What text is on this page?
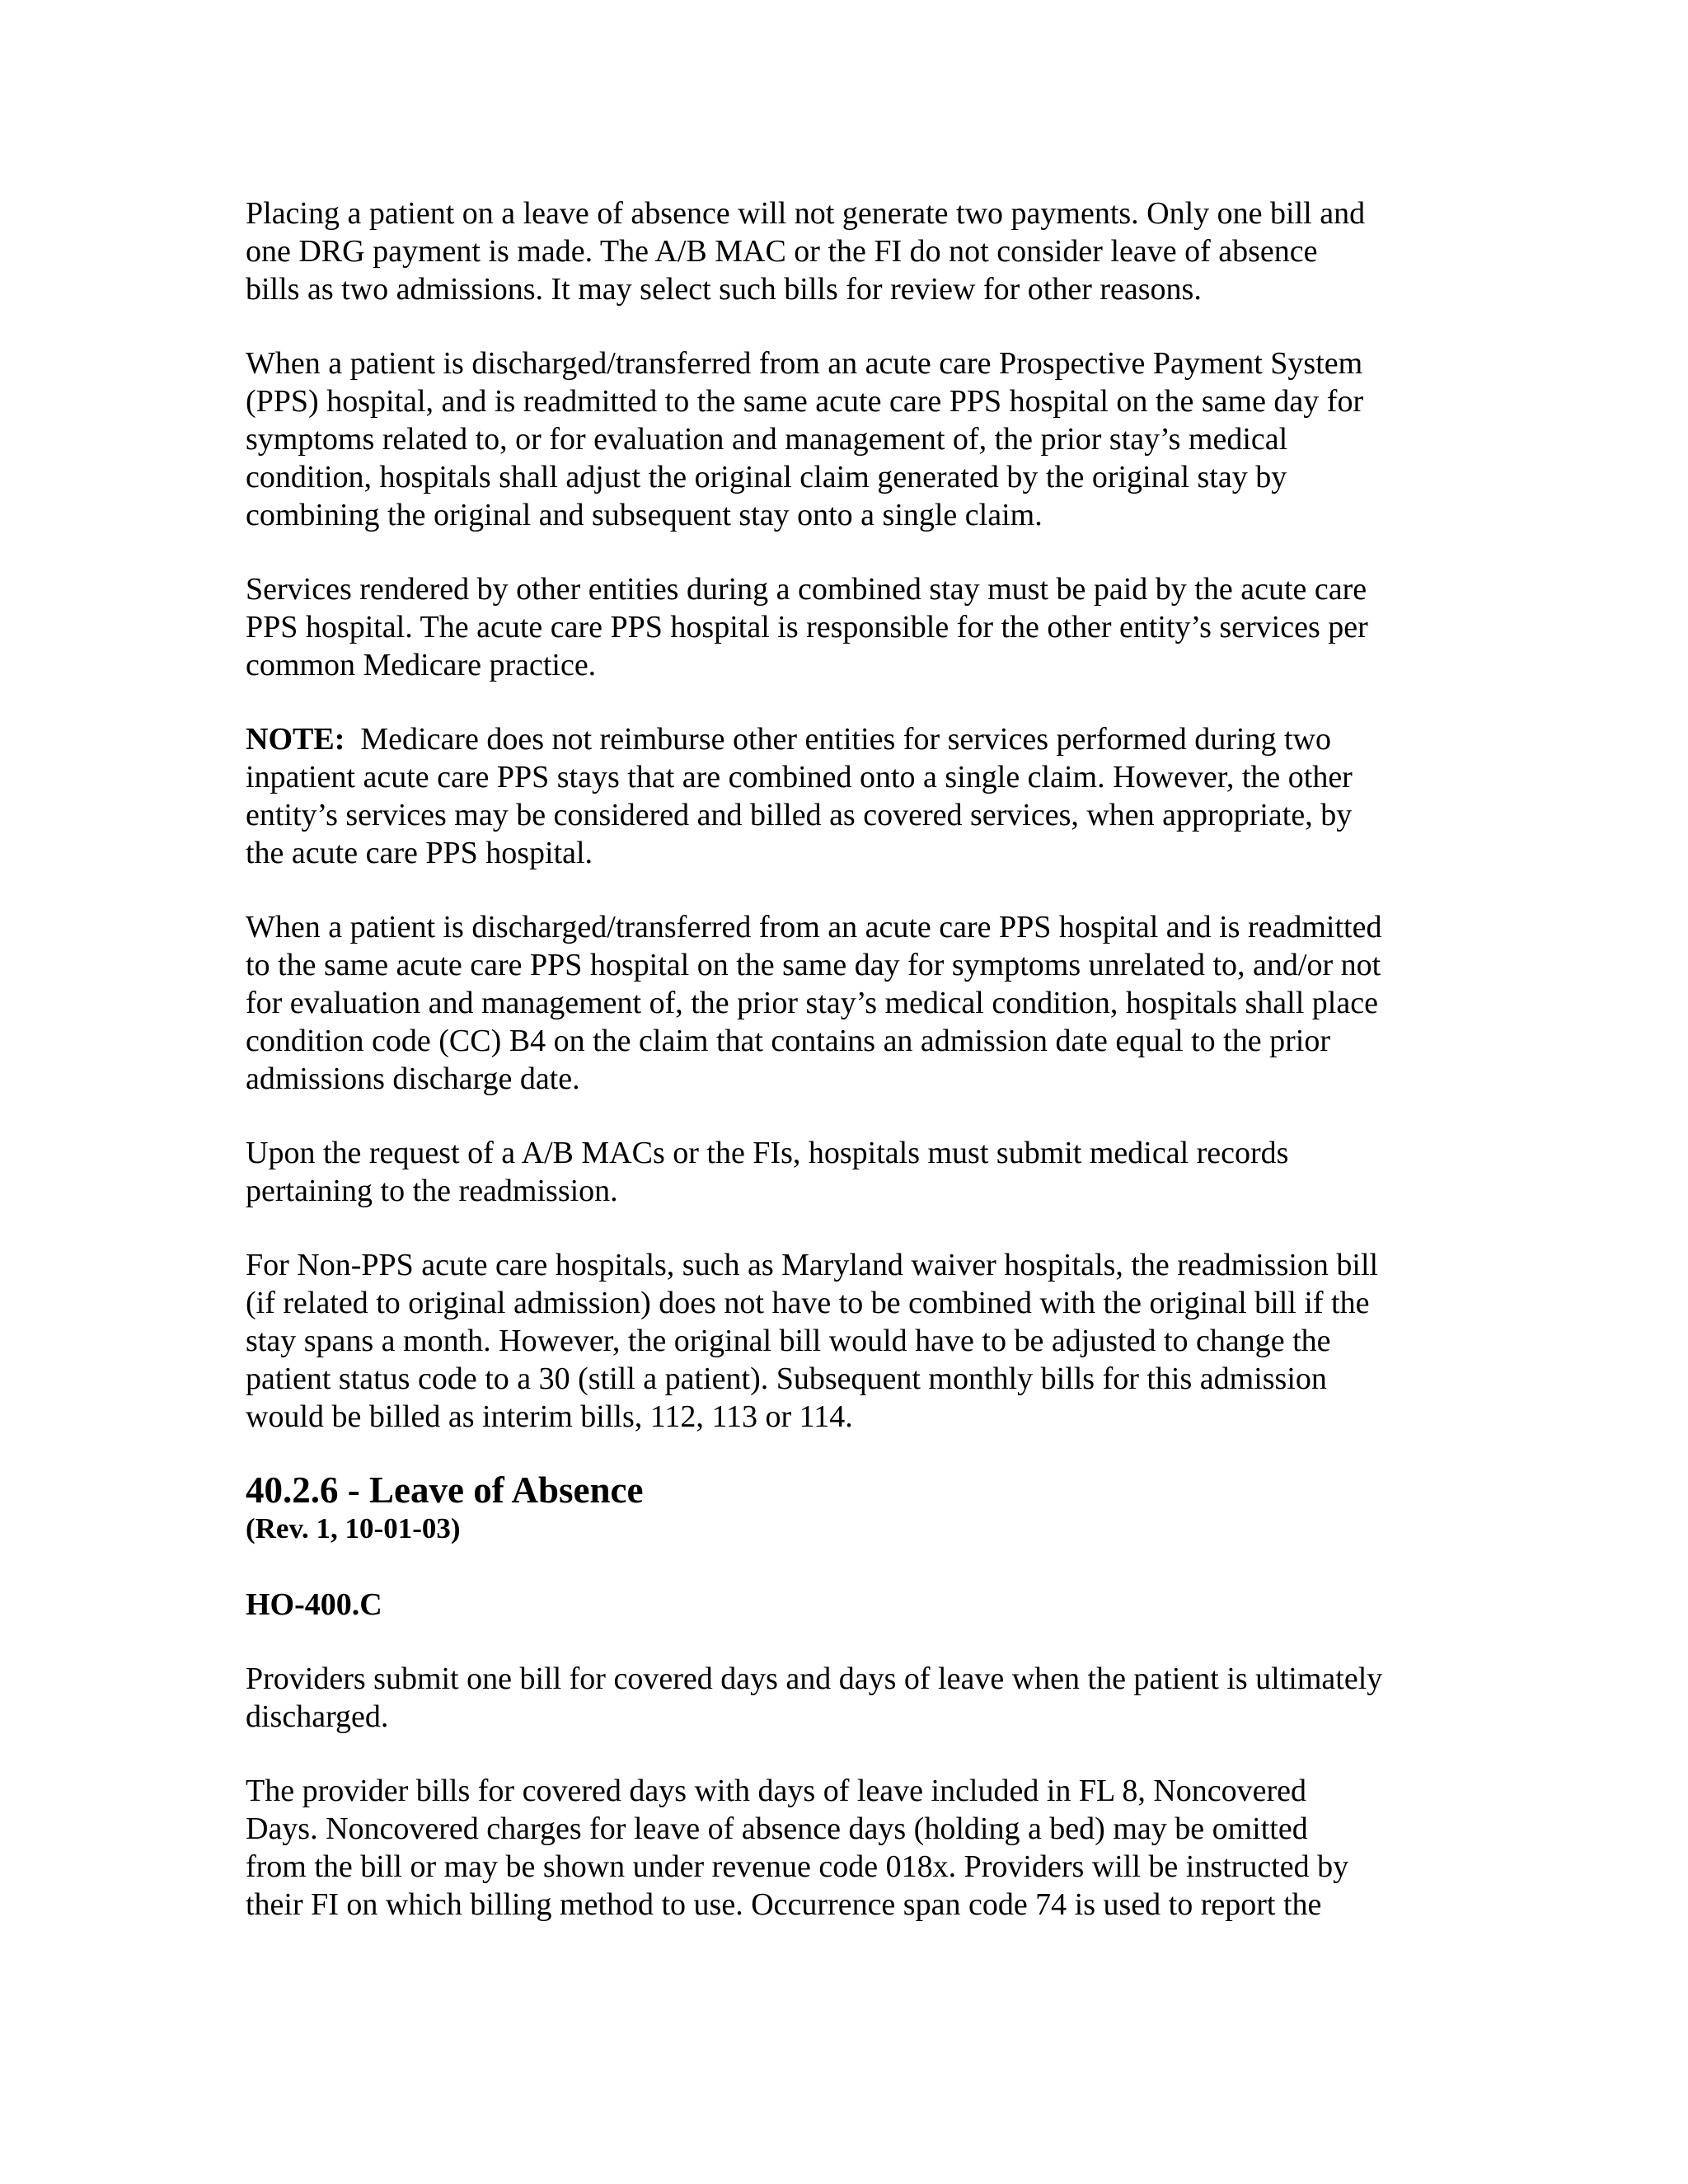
Placing a patient on a leave of absence will not generate two payments. Only one bill and
one DRG payment is made. The A/B MAC or the FI do not consider leave of absence
bills as two admissions. It may select such bills for review for other reasons.

When a patient is discharged/transferred from an acute care Prospective Payment System
(PPS) hospital, and is readmitted to the same acute care PPS hospital on the same day for
symptoms related to, or for evaluation and management of, the prior stay’s medical
condition, hospitals shall adjust the original claim generated by the original stay by
combining the original and subsequent stay onto a single claim.

Services rendered by other entities during a combined stay must be paid by the acute care
PPS hospital. The acute care PPS hospital is responsible for the other entity’s services per
common Medicare practice.

NOTE:  Medicare does not reimburse other entities for services performed during two
inpatient acute care PPS stays that are combined onto a single claim. However, the other
entity’s services may be considered and billed as covered services, when appropriate, by
the acute care PPS hospital.

When a patient is discharged/transferred from an acute care PPS hospital and is readmitted
to the same acute care PPS hospital on the same day for symptoms unrelated to, and/or not
for evaluation and management of, the prior stay’s medical condition, hospitals shall place
condition code (CC) B4 on the claim that contains an admission date equal to the prior
admissions discharge date.

Upon the request of a A/B MACs or the FIs, hospitals must submit medical records
pertaining to the readmission.

For Non-PPS acute care hospitals, such as Maryland waiver hospitals, the readmission bill
(if related to original admission) does not have to be combined with the original bill if the
stay spans a month. However, the original bill would have to be adjusted to change the
patient status code to a 30 (still a patient). Subsequent monthly bills for this admission
would be billed as interim bills, 112, 113 or 114.

40.2.6 - Leave of Absence

(Rev. 1, 10-01-03)

HO-400.C

Providers submit one bill for covered days and days of leave when the patient is ultimately
discharged.

The provider bills for covered days with days of leave included in FL 8, Noncovered
Days. Noncovered charges for leave of absence days (holding a bed) may be omitted
from the bill or may be shown under revenue code 018x. Providers will be instructed by
their FI on which billing method to use. Occurrence span code 74 is used to report the
